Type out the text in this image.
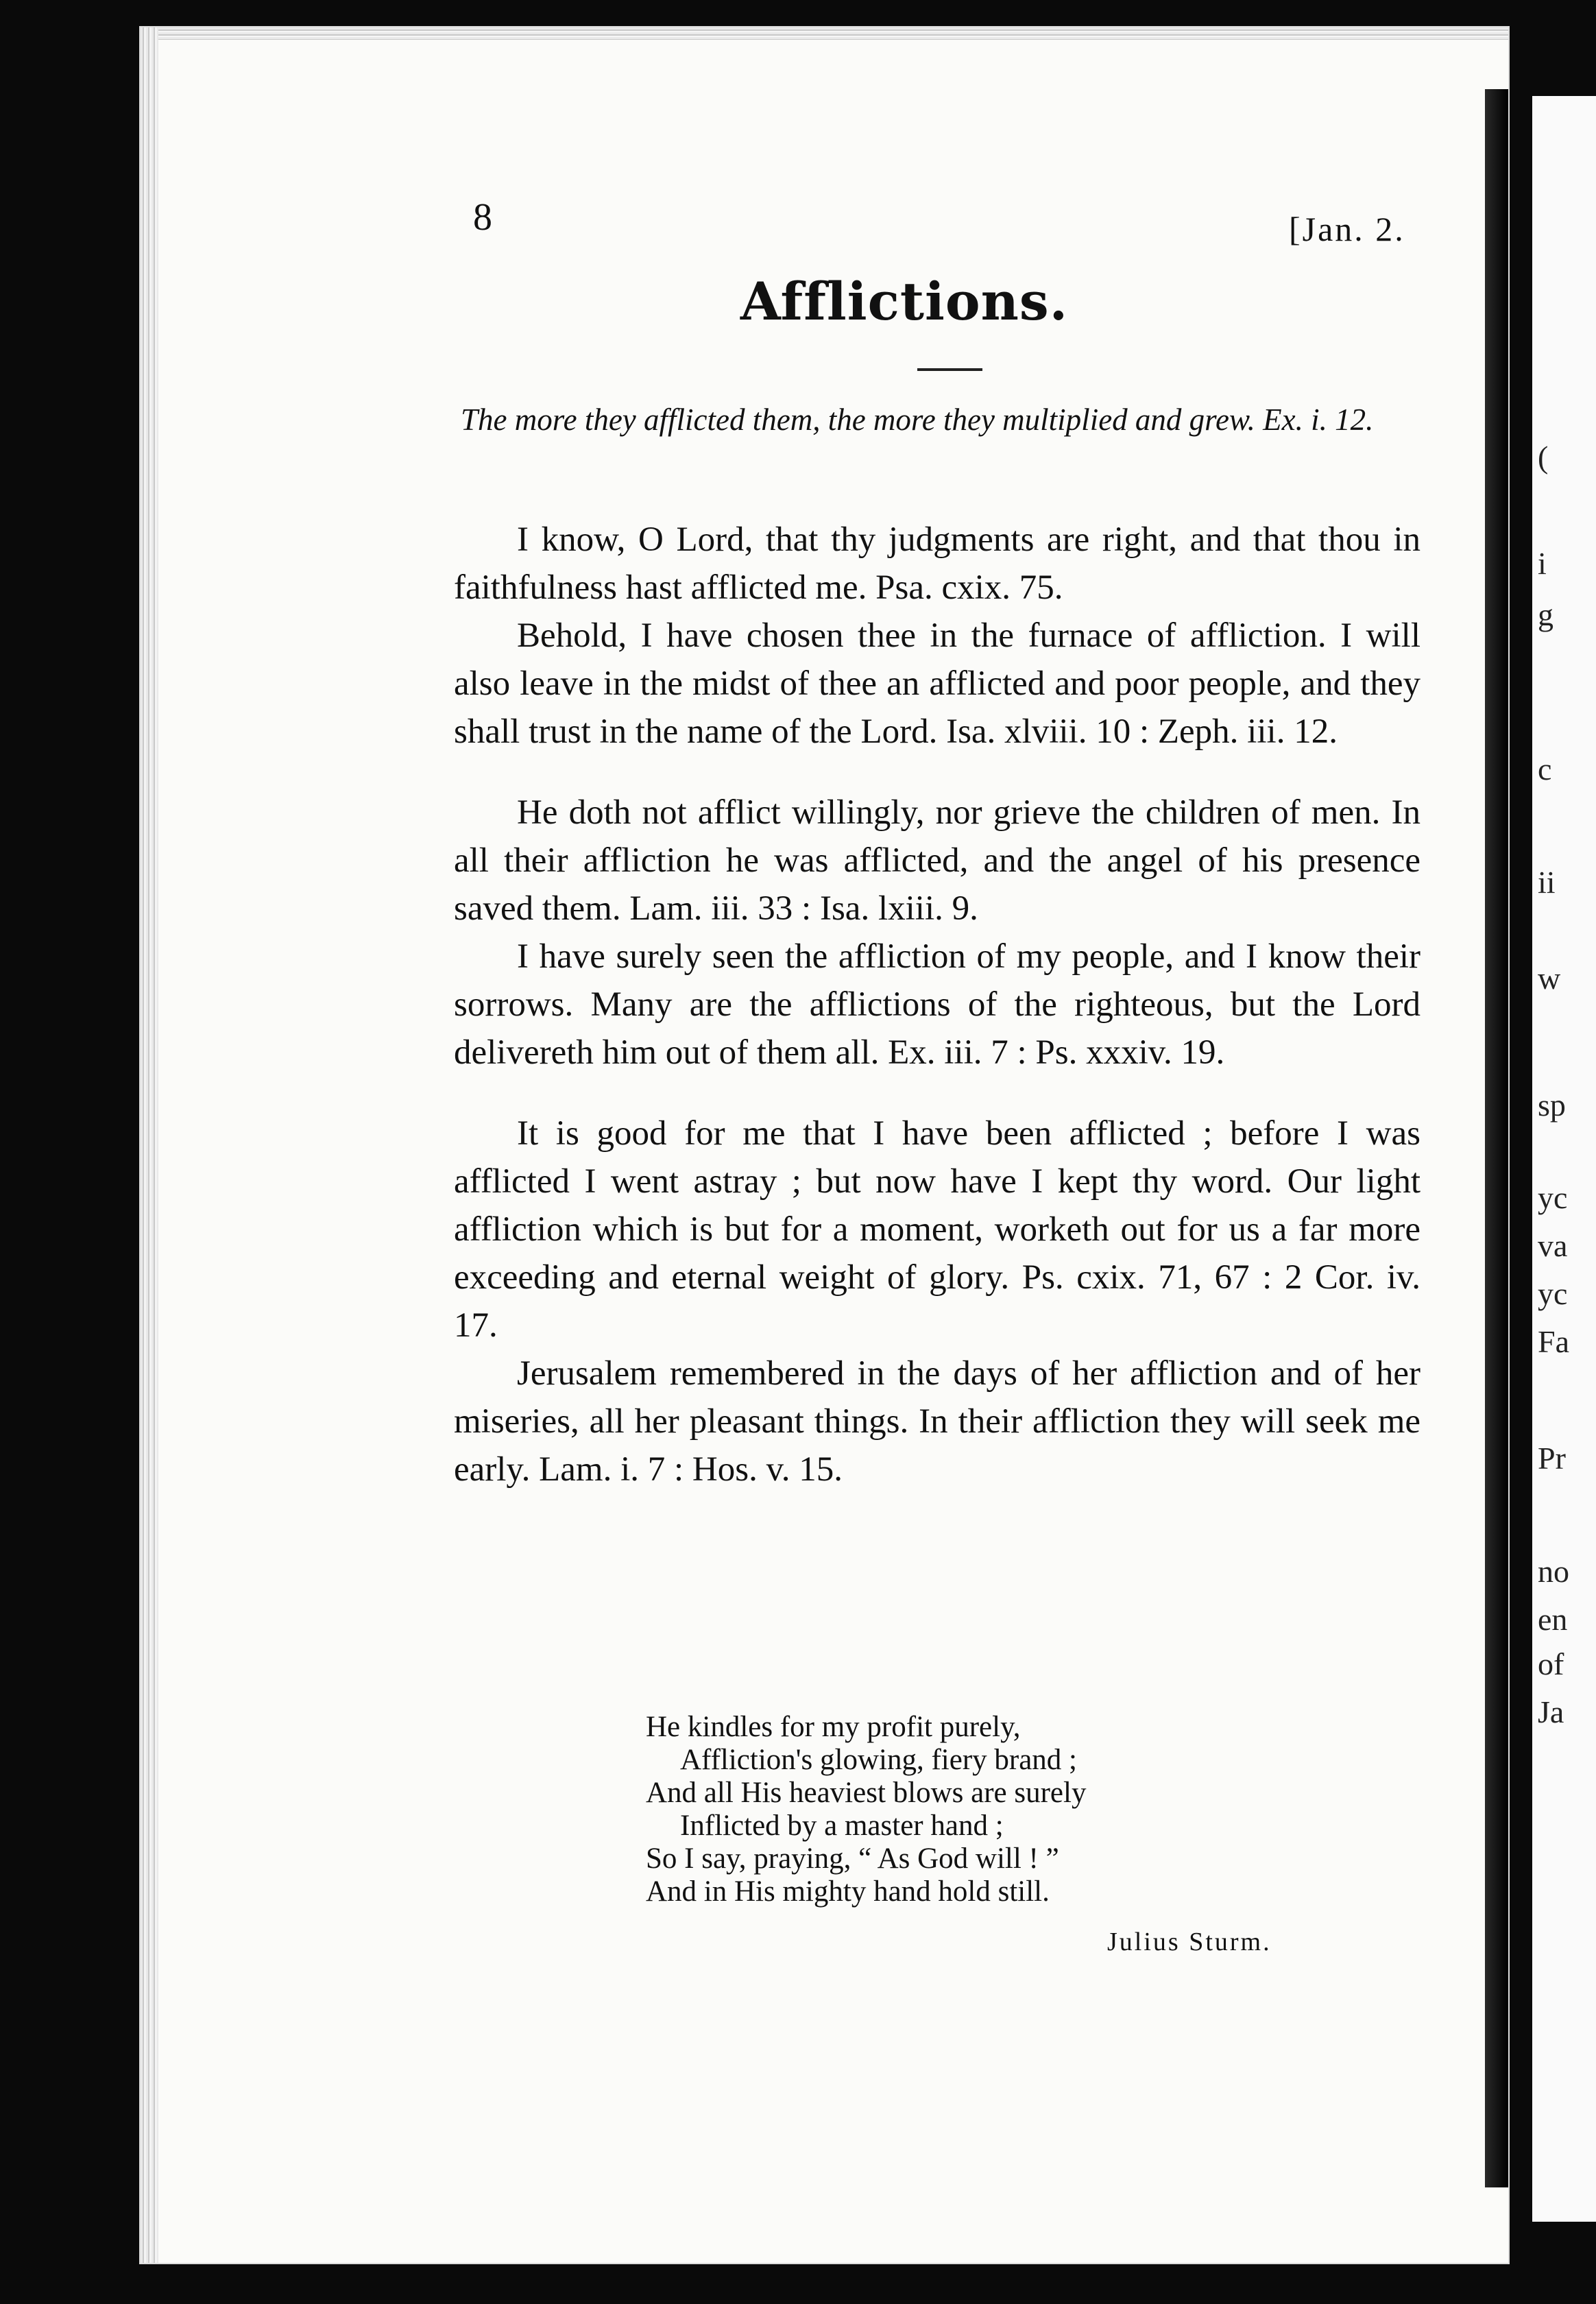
(
i
g
c
ii
w
sp
yc
va
yc
Fa
Pr
no
en
of
Ja
8	[Jan. 2.
Afflictions.
The more they afflicted them, the more they multiplied and grew. Ex. i. 12.

I know, O Lord, that thy judgments are right, and that thou in faithfulness hast afflicted me. Psa. cxix. 75.

Behold, I have chosen thee in the furnace of affliction. I will also leave in the midst of thee an afflicted and poor people, and they shall trust in the name of the Lord. Isa. xlviii. 10 : Zeph. iii. 12.

He doth not afflict willingly, nor grieve the children of men. In all their affliction he was afflicted, and the angel of his presence saved them. Lam. iii. 33 : Isa. lxiii. 9.

I have surely seen the affliction of my people, and I know their sorrows. Many are the afflictions of the righteous, but the Lord delivereth him out of them all. Ex. iii. 7 : Ps. xxxiv. 19.

It is good for me that I have been afflicted ; before I was afflicted I went astray ; but now have I kept thy word. Our light affliction which is but for a moment, worketh out for us a far more exceeding and eternal weight of glory. Ps. cxix. 71, 67 : 2 Cor. iv. 17.

Jerusalem remembered in the days of her affliction and of her miseries, all her pleasant things. In their affliction they will seek me early. Lam. i. 7 : Hos. v. 15.

He kindles for my profit purely,
Affliction's glowing, fiery brand ;
And all His heaviest blows are surely
Inflicted by a master hand ;
So I say, praying, “ As God will ! ”
And in His mighty hand hold still.
Julius Sturm.
